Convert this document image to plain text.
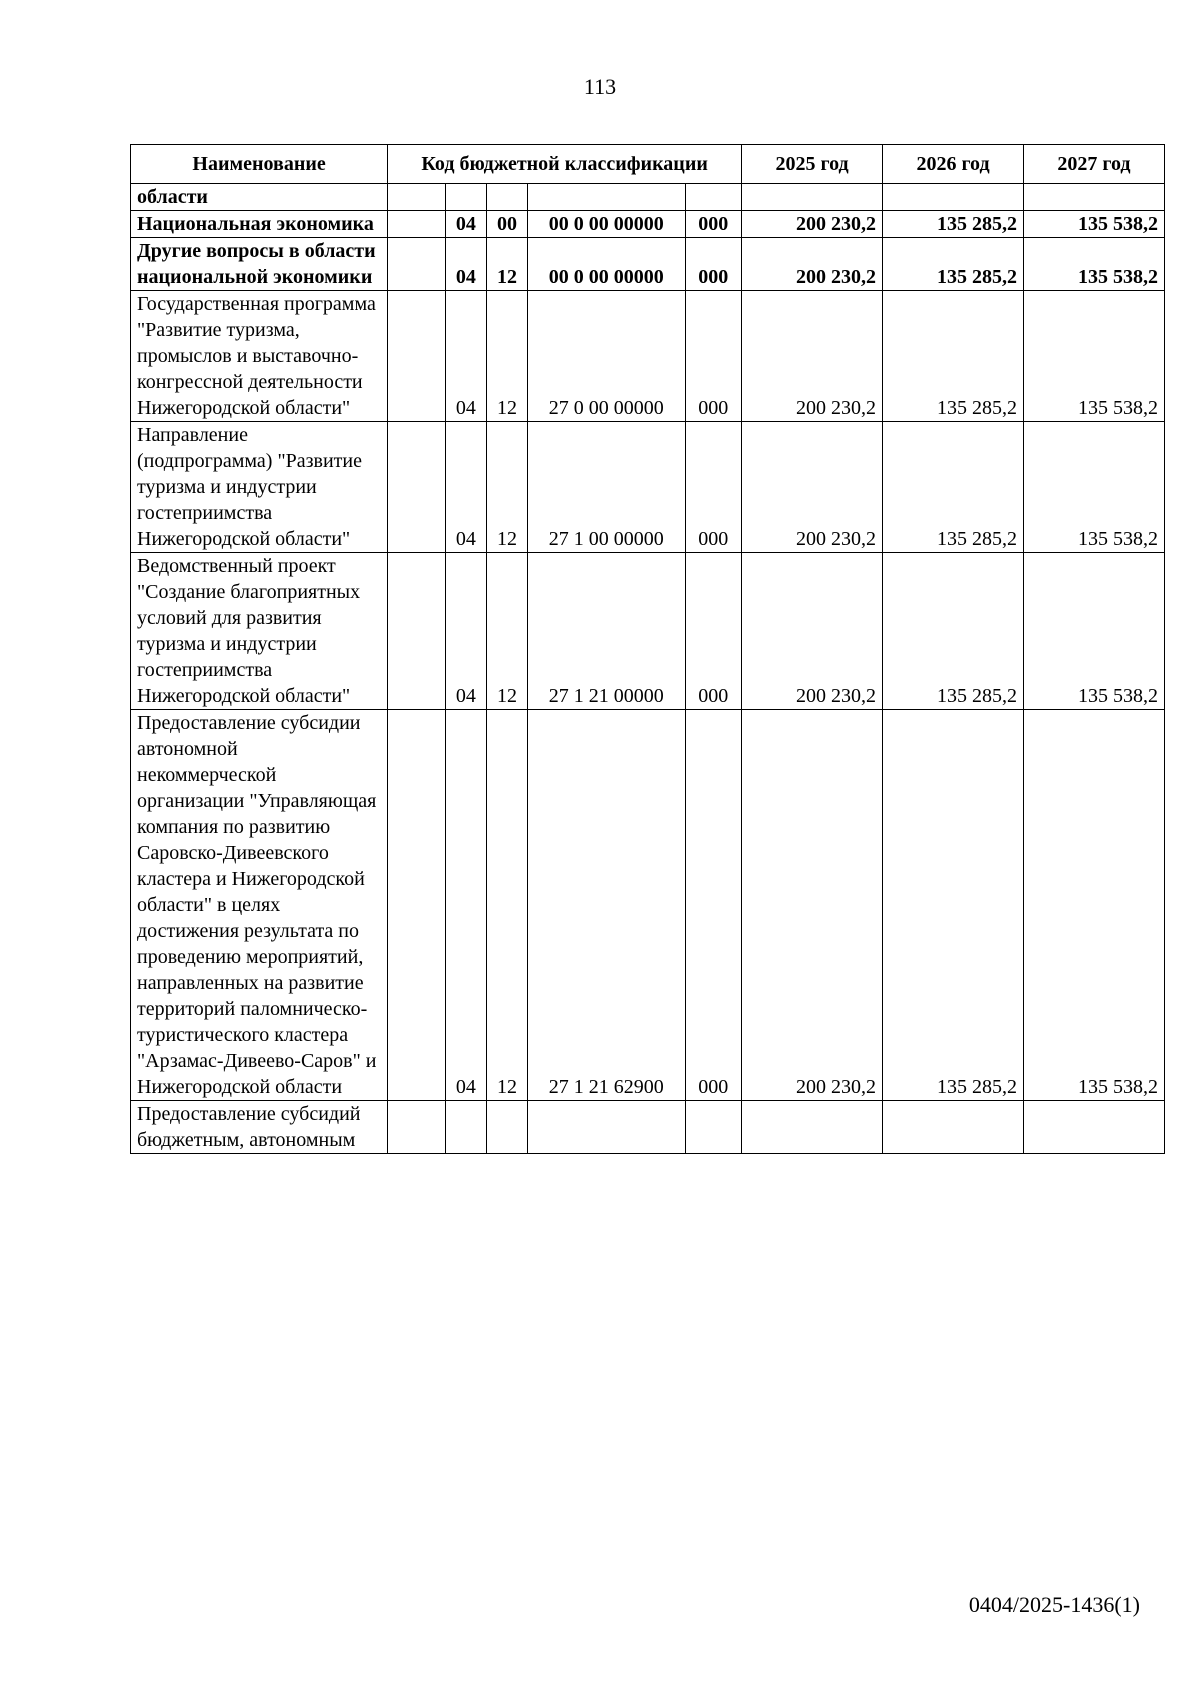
113
Наименование	Код бюджетной классификации					2025 год	2026 год	2027 год
области								
Национальная экономика		04	00	00 0 00 00000	000	200 230,2	135 285,2	135 538,2
Другие вопросы в области национальной экономики		04	12	00 0 00 00000	000	200 230,2	135 285,2	135 538,2
Государственная программа "Развитие туризма, промыслов и выставочно-конгрессной деятельности Нижегородской области"		04	12	27 0 00 00000	000	200 230,2	135 285,2	135 538,2
Направление (подпрограмма) "Развитие туризма и индустрии гостеприимства Нижегородской области"		04	12	27 1 00 00000	000	200 230,2	135 285,2	135 538,2
Ведомственный проект "Создание благоприятных условий для развития туризма и индустрии гостеприимства Нижегородской области"		04	12	27 1 21 00000	000	200 230,2	135 285,2	135 538,2
Предоставление субсидии автономной некоммерческой организации "Управляющая компания по развитию Саровско-Дивеевского кластера и Нижегородской области" в целях достижения результата по проведению мероприятий, направленных на развитие территорий паломническо-туристического кластера "Арзамас-Дивеево-Саров" и Нижегородской области		04	12	27 1 21 62900	000	200 230,2	135 285,2	135 538,2
Предоставление субсидий бюджетным, автономным								
0404/2025-1436(1)
